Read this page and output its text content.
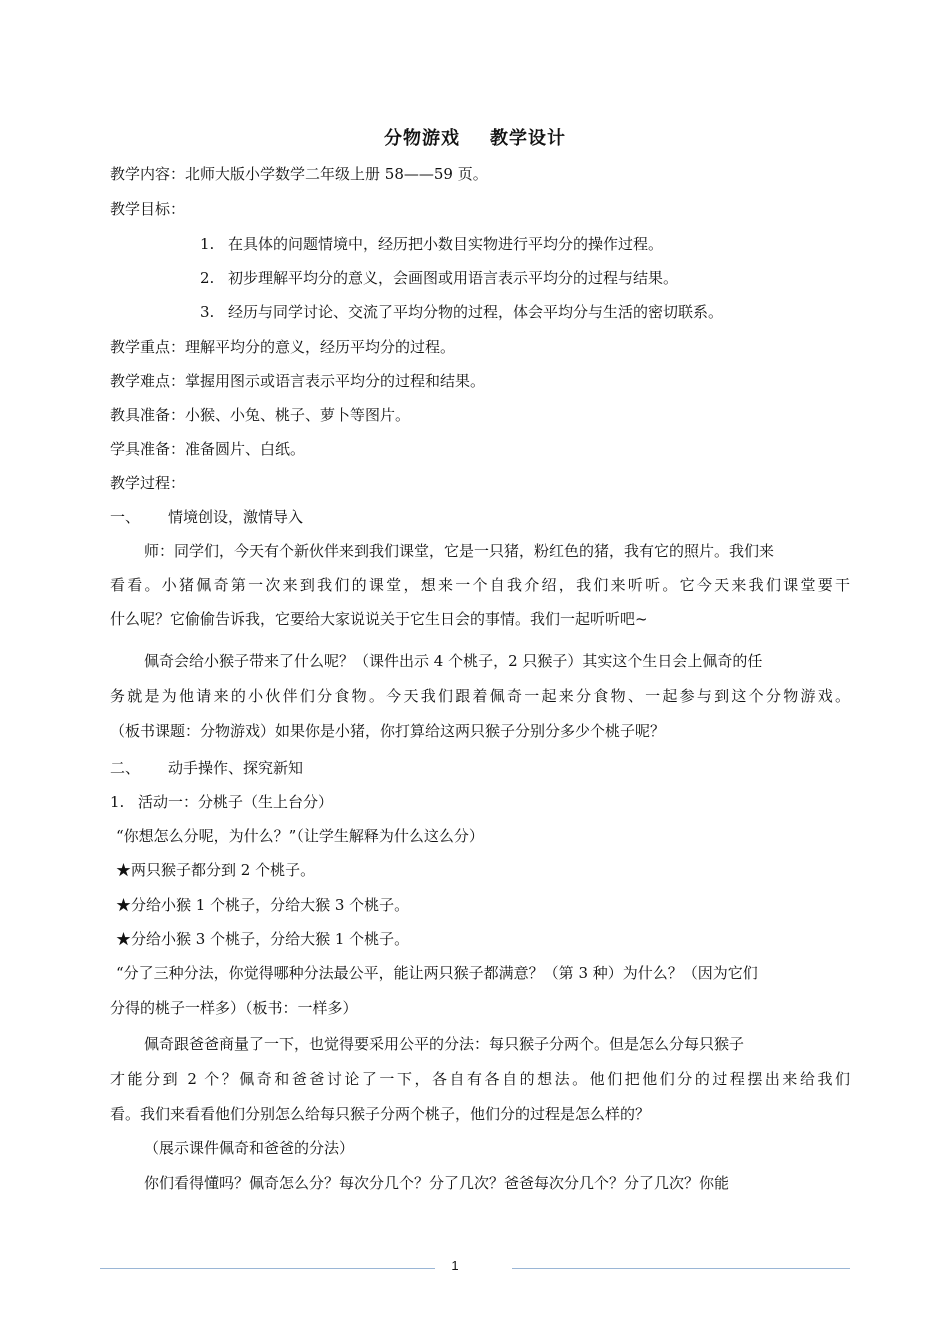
分物游戏 教学设计
教学内容：北师大版小学数学二年级上册 58——59 页。
教学目标：
1. 在具体的问题情境中，经历把小数目实物进行平均分的操作过程。
2. 初步理解平均分的意义，会画图或用语言表示平均分的过程与结果。
3. 经历与同学讨论、交流了平均分物的过程，体会平均分与生活的密切联系。
教学重点：理解平均分的意义，经历平均分的过程。
教学难点：掌握用图示或语言表示平均分的过程和结果。
教具准备：小猴、小兔、桃子、萝卜等图片。
学具准备：准备圆片、白纸。
教学过程：
一、 情境创设，激情导入
师：同学们，今天有个新伙伴来到我们课堂，它是一只猪，粉红色的猪，我有它的照片。我们来
看看。小猪佩奇第一次来到我们的课堂，想来一个自我介绍，我们来听听。它今天来我们课堂要干
什么呢？它偷偷告诉我，它要给大家说说关于它生日会的事情。我们一起听听吧~
佩奇会给小猴子带来了什么呢？（课件出示 4 个桃子，2 只猴子）其实这个生日会上佩奇的任
务就是为他请来的小伙伴们分食物。今天我们跟着佩奇一起来分食物、一起参与到这个分物游戏。
（板书课题：分物游戏）如果你是小猪，你打算给这两只猴子分别分多少个桃子呢？
二、 动手操作、探究新知
1. 活动一：分桃子（生上台分）
“你想怎么分呢，为什么？”（让学生解释为什么这么分）
★两只猴子都分到 2 个桃子。
★分给小猴 1 个桃子，分给大猴 3 个桃子。
★分给小猴 3 个桃子，分给大猴 1 个桃子。
“分了三种分法，你觉得哪种分法最公平，能让两只猴子都满意？（第 3 种）为什么？（因为它们
分得的桃子一样多）（板书：一样多）
佩奇跟爸爸商量了一下，也觉得要采用公平的分法：每只猴子分两个。但是怎么分每只猴子
才能分到 2 个？佩奇和爸爸讨论了一下，各自有各自的想法。他们把他们分的过程摆出来给我们
看。我们来看看他们分别怎么给每只猴子分两个桃子，他们分的过程是怎么样的？
（展示课件佩奇和爸爸的分法）
你们看得懂吗？佩奇怎么分？每次分几个？分了几次？爸爸每次分几个？分了几次？你能
1
